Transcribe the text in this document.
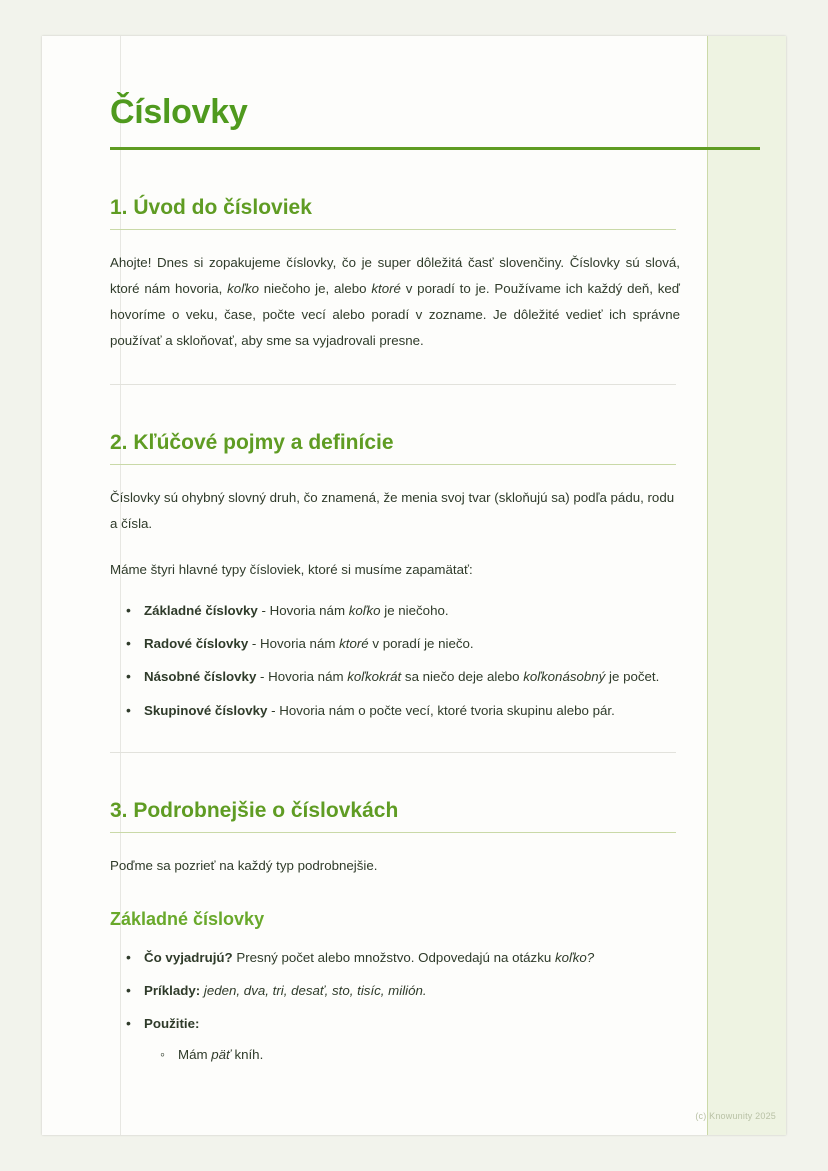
Číslovky
1. Úvod do čísloviek

Ahojte! Dnes si zopakujeme číslovky, čo je super dôležitá časť slovenčiny. Číslovky sú slová, ktoré nám hovoria, koľko niečoho je, alebo ktoré v poradí to je. Používame ich každý deň, keď hovoríme o veku, čase, počte vecí alebo poradí v zozname. Je dôležité vedieť ich správne používať a skloňovať, aby sme sa vyjadrovali presne.

2. Kľúčové pojmy a definície

Číslovky sú ohybný slovný druh, čo znamená, že menia svoj tvar (skloňujú sa) podľa pádu, rodu a čísla.

Máme štyri hlavné typy čísloviek, ktoré si musíme zapamätať:

• Základné číslovky - Hovoria nám koľko je niečoho.
• Radové číslovky - Hovoria nám ktoré v poradí je niečo.
• Násobné číslovky - Hovoria nám koľkokrát sa niečo deje alebo koľkonásobný je počet.
• Skupinové číslovky - Hovoria nám o počte vecí, ktoré tvoria skupinu alebo pár.
3. Podrobnejšie o číslovkách

Poďme sa pozrieť na každý typ podrobnejšie.

Základné číslovky
• Čo vyjadrujú? Presný počet alebo množstvo. Odpovedajú na otázku koľko?
• Príklady: jeden, dva, tri, desať, sto, tisíc, milión.
• Použitie:
◦ Mám päť kníh.
(c) Knowunity 2025
